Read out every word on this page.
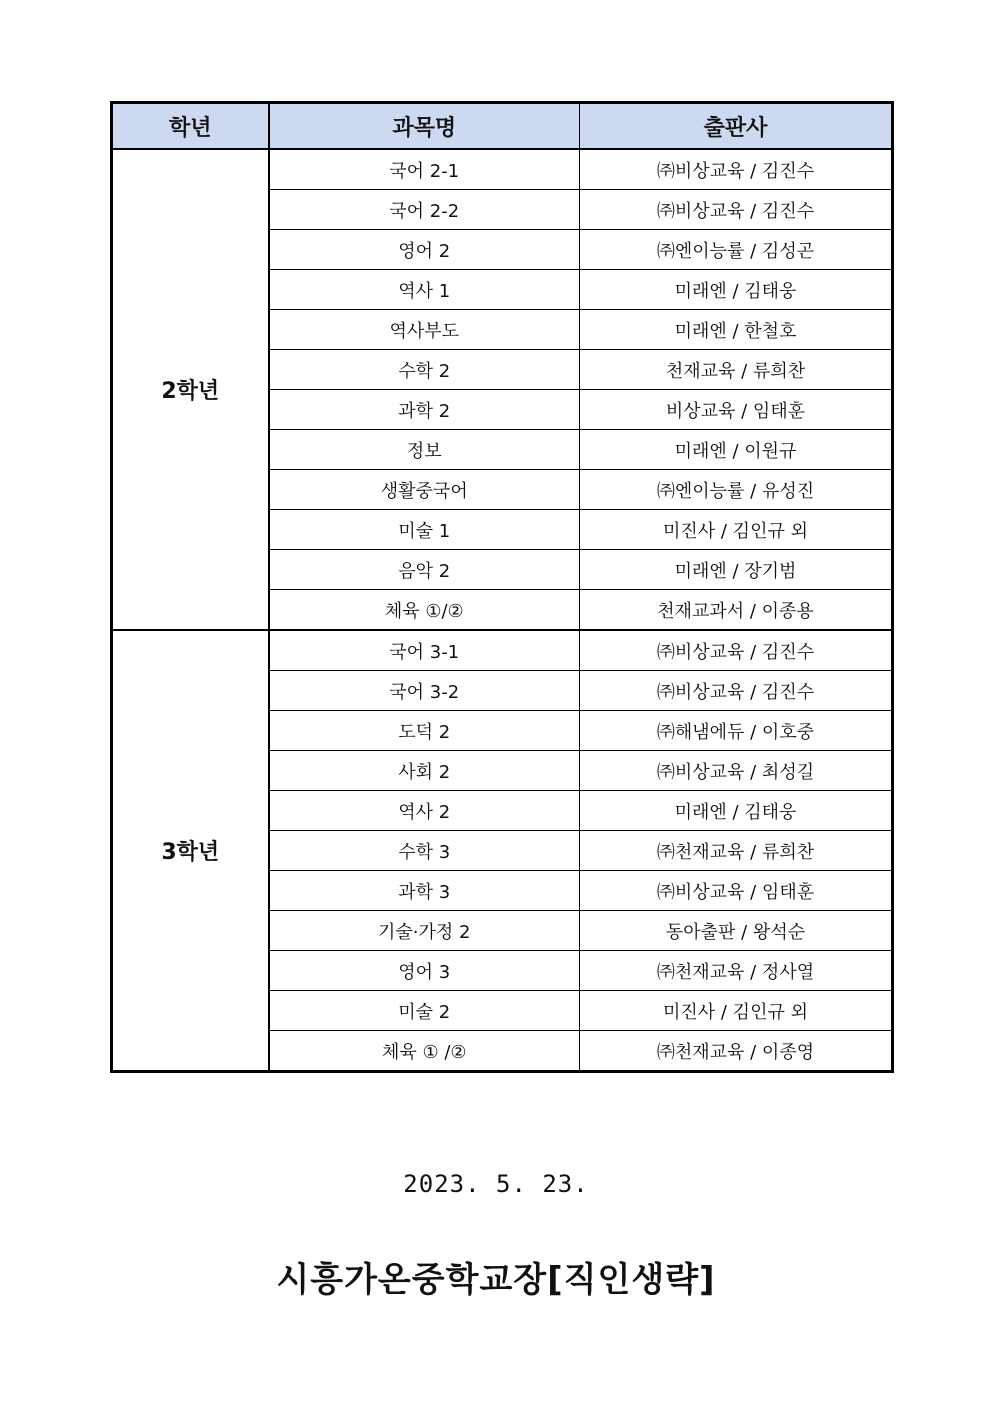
학년	과목명	출판사
2학년	국어 2-1	㈜비상교육 / 김진수
	국어 2-2	㈜비상교육 / 김진수
	영어 2	㈜엔이능률 / 김성곤
	역사 1	미래엔 / 김태웅
	역사부도	미래엔 / 한철호
	수학 2	천재교육 / 류희찬
	과학 2	비상교육 / 임태훈
	정보	미래엔 / 이원규
	생활중국어	㈜엔이능률 / 유성진
	미술 1	미진사 / 김인규 외
	음악 2	미래엔 / 장기범
	체육 ①/②	천재교과서 / 이종용
3학년	국어 3-1	㈜비상교육 / 김진수
	국어 3-2	㈜비상교육 / 김진수
	도덕 2	㈜해냄에듀 / 이호중
	사회 2	㈜비상교육 / 최성길
	역사 2	미래엔 / 김태웅
	수학 3	㈜천재교육 / 류희찬
	과학 3	㈜비상교육 / 임태훈
	기술·가정 2	동아출판 / 왕석순
	영어 3	㈜천재교육 / 정사열
	미술 2	미진사 / 김인규 외
	체육 ① /②	㈜천재교육 / 이종영
2023. 5. 23.
시흥가온중학교장[직인생략]
